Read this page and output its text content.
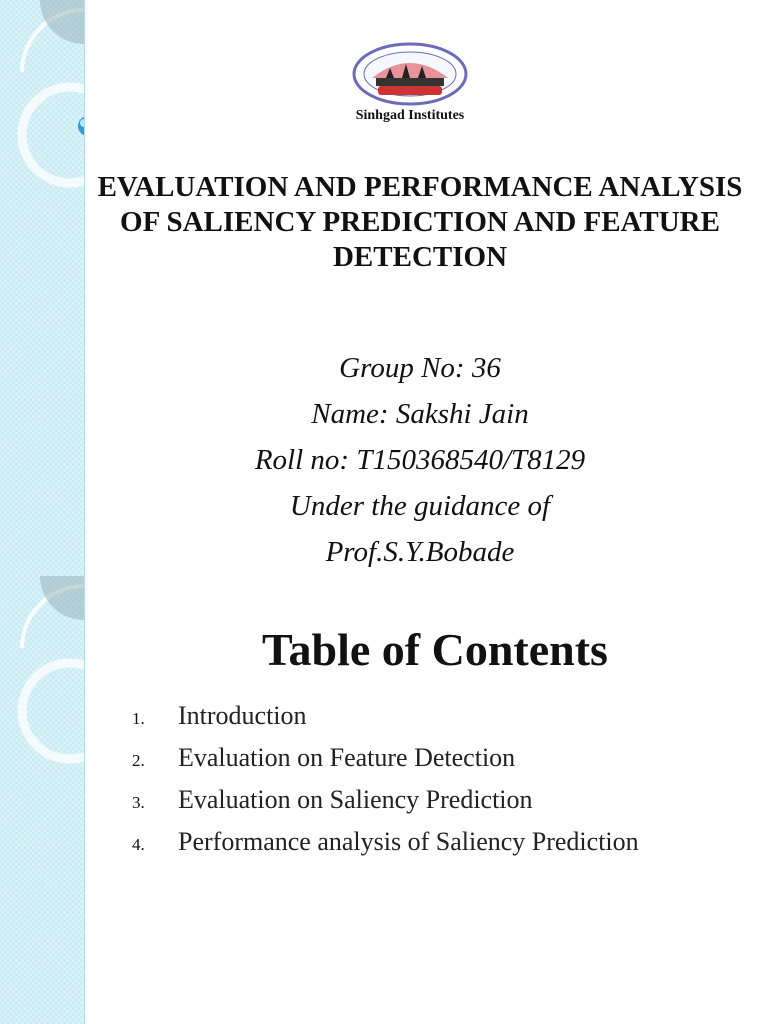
Sinhgad Institutes
EVALUATION AND PERFORMANCE ANALYSIS OF SALIENCY PREDICTION AND FEATURE DETECTION
Group No: 36
Name: Sakshi Jain
Roll no: T150368540/T8129
Under the guidance of
Prof.S.Y.Bobade
Table of Contents
1.	Introduction
2.	Evaluation on Feature Detection
3.	Evaluation on Saliency Prediction
4.	Performance analysis of Saliency Prediction
